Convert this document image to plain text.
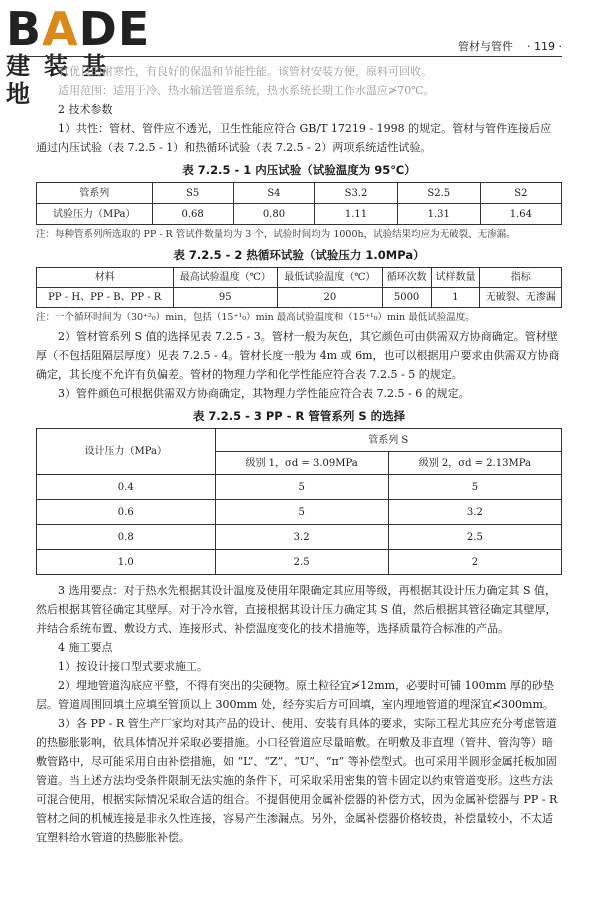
BADE
建装基地
管材与管件 · 119 ·

有优良的耐寒性，有良好的保温和节能性能。该管材安装方便，原料可回收。

适用范围：适用于冷、热水输送管道系统，热水系统长期工作水温应≯70℃。

2 技术参数

1）共性：管材、管件应不透光，卫生性能应符合 GB/T 17219 - 1998 的规定。管材与管件连接后应通过内压试验（表 7.2.5 - 1）和热循环试验（表 7.2.5 - 2）两项系统适性试验。

表 7.2.5 - 1 内压试验（试验温度为 95℃）
管系列	S5	S4	S3.2	S2.5	S2
试验压力（MPa）	0.68	0.80	1.11	1.31	1.64

注：每种管系列所选取的 PP - R 管试件数量均为 3 个，试验时间均为 1000h，试验结果均应为无破裂、无渗漏。

表 7.2.5 - 2 热循环试验（试验压力 1.0MPa）
材料	最高试验温度（℃）	最低试验温度（℃）	循环次数	试样数量	指标
PP - H、PP - B、PP - R	95	20	5000	1	无破裂、无渗漏

注：一个循环时间为（30⁺²₀）min，包括（15⁺¹₀）min 最高试验温度和（15⁺¹₀）min 最低试验温度。

2）管材管系列 S 值的选择见表 7.2.5 - 3。管材一般为灰色，其它颜色可由供需双方协商确定。管材壁厚（不包括阻隔层厚度）见表 7.2.5 - 4。管材长度一般为 4m 或 6m，也可以根据用户要求由供需双方协商确定，其长度不允许有负偏差。管材的物理力学和化学性能应符合表 7.2.5 - 5 的规定。

3）管件颜色可根据供需双方协商确定，其物理力学性能应符合表 7.2.5 - 6 的规定。

表 7.2.5 - 3 PP - R 管管系列 S 的选择
设计压力（MPa）	管系列 S	
	级别 1，σd = 3.09MPa	级别 2，σd = 2.13MPa
0.4	5	5
0.6	5	3.2
0.8	3.2	2.5
1.0	2.5	2

3 选用要点：对于热水先根据其设计温度及使用年限确定其应用等级，再根据其设计压力确定其 S 值，然后根据其管径确定其壁厚。对于冷水管，直接根据其设计压力确定其 S 值，然后根据其管径确定其壁厚，并结合系统布置、敷设方式、连接形式、补偿温度变化的技术措施等，选择质量符合标准的产品。

4 施工要点

1）按设计接口型式要求施工。

2）埋地管道沟底应平整，不得有突出的尖硬物。原土粒径宜≯12mm，必要时可铺 100mm 厚的砂垫层。管道周围回填土应填至管顶以上 300mm 处，经夯实后方可回填，室内埋地管道的埋深宜≮300mm。

3）各 PP - R 管生产厂家均对其产品的设计、使用、安装有具体的要求，实际工程尤其应充分考虑管道的热膨胀影响，依具体情况并采取必要措施。小口径管道应尽量暗敷。在明敷及非直埋（管井、管沟等）暗敷管路中，尽可能采用自由补偿措施，如 “L”、“Z”、“U”、“π” 等补偿型式。也可采用半圆形金属托板加固管道。当上述方法均受条件限制无法实施的条件下，可采取采用密集的管卡固定以约束管道变形。这些方法可混合使用，根据实际情况采取合适的组合。不提倡使用金属补偿器的补偿方式，因为金属补偿器与 PP - R 管材之间的机械连接是非永久性连接，容易产生渗漏点。另外，金属补偿器价格较贵，补偿量较小，不太适宜塑料给水管道的热膨胀补偿。
